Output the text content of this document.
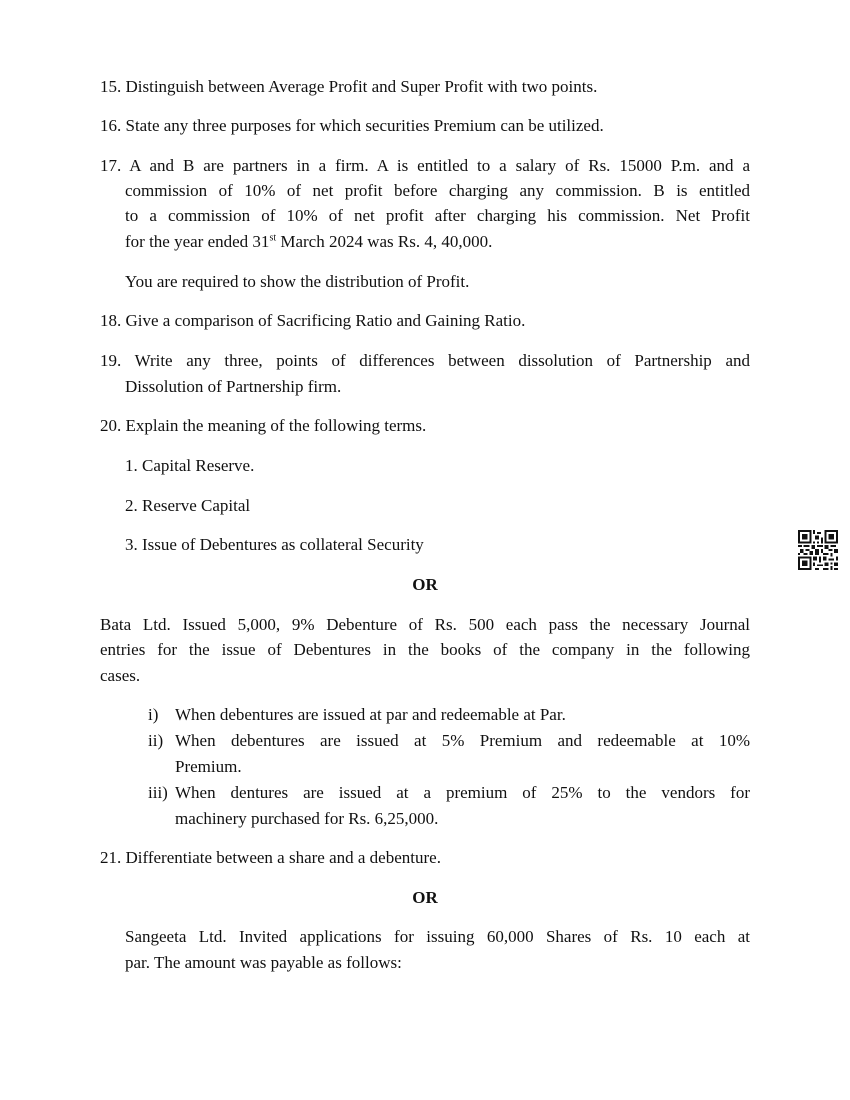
15. Distinguish between Average Profit and Super Profit with two points.

16. State any three purposes for which securities Premium can be utilized.

17. A and B are partners in a firm. A is entitled to a salary of Rs. 15000 P.m. and a

commission of 10% of net profit before charging any commission. B is entitled

to a commission of 10% of net profit after charging his commission. Net Profit

for the year ended 31st March 2024 was Rs. 4, 40,000.

You are required to show the distribution of Profit.

18. Give a comparison of Sacrificing Ratio and Gaining Ratio.

19. Write any three, points of differences between dissolution of Partnership and

Dissolution of Partnership firm.

20. Explain the meaning of the following terms.

1. Capital Reserve.

2. Reserve Capital

3. Issue of Debentures as collateral Security

OR

Bata Ltd. Issued 5,000, 9% Debenture of Rs. 500 each pass the necessary Journal

entries for the issue of Debentures in the books of the company in the following

cases.

i) When debentures are issued at par and redeemable at Par.
ii) When debentures are issued at 5% Premium and redeemable at 10%
Premium.
iii) When dentures are issued at a premium of 25% to the vendors for
machinery purchased for Rs. 6,25,000.

21. Differentiate between a share and a debenture.

OR

Sangeeta Ltd. Invited applications for issuing 60,000 Shares of Rs. 10 each at

par. The amount was payable as follows:
